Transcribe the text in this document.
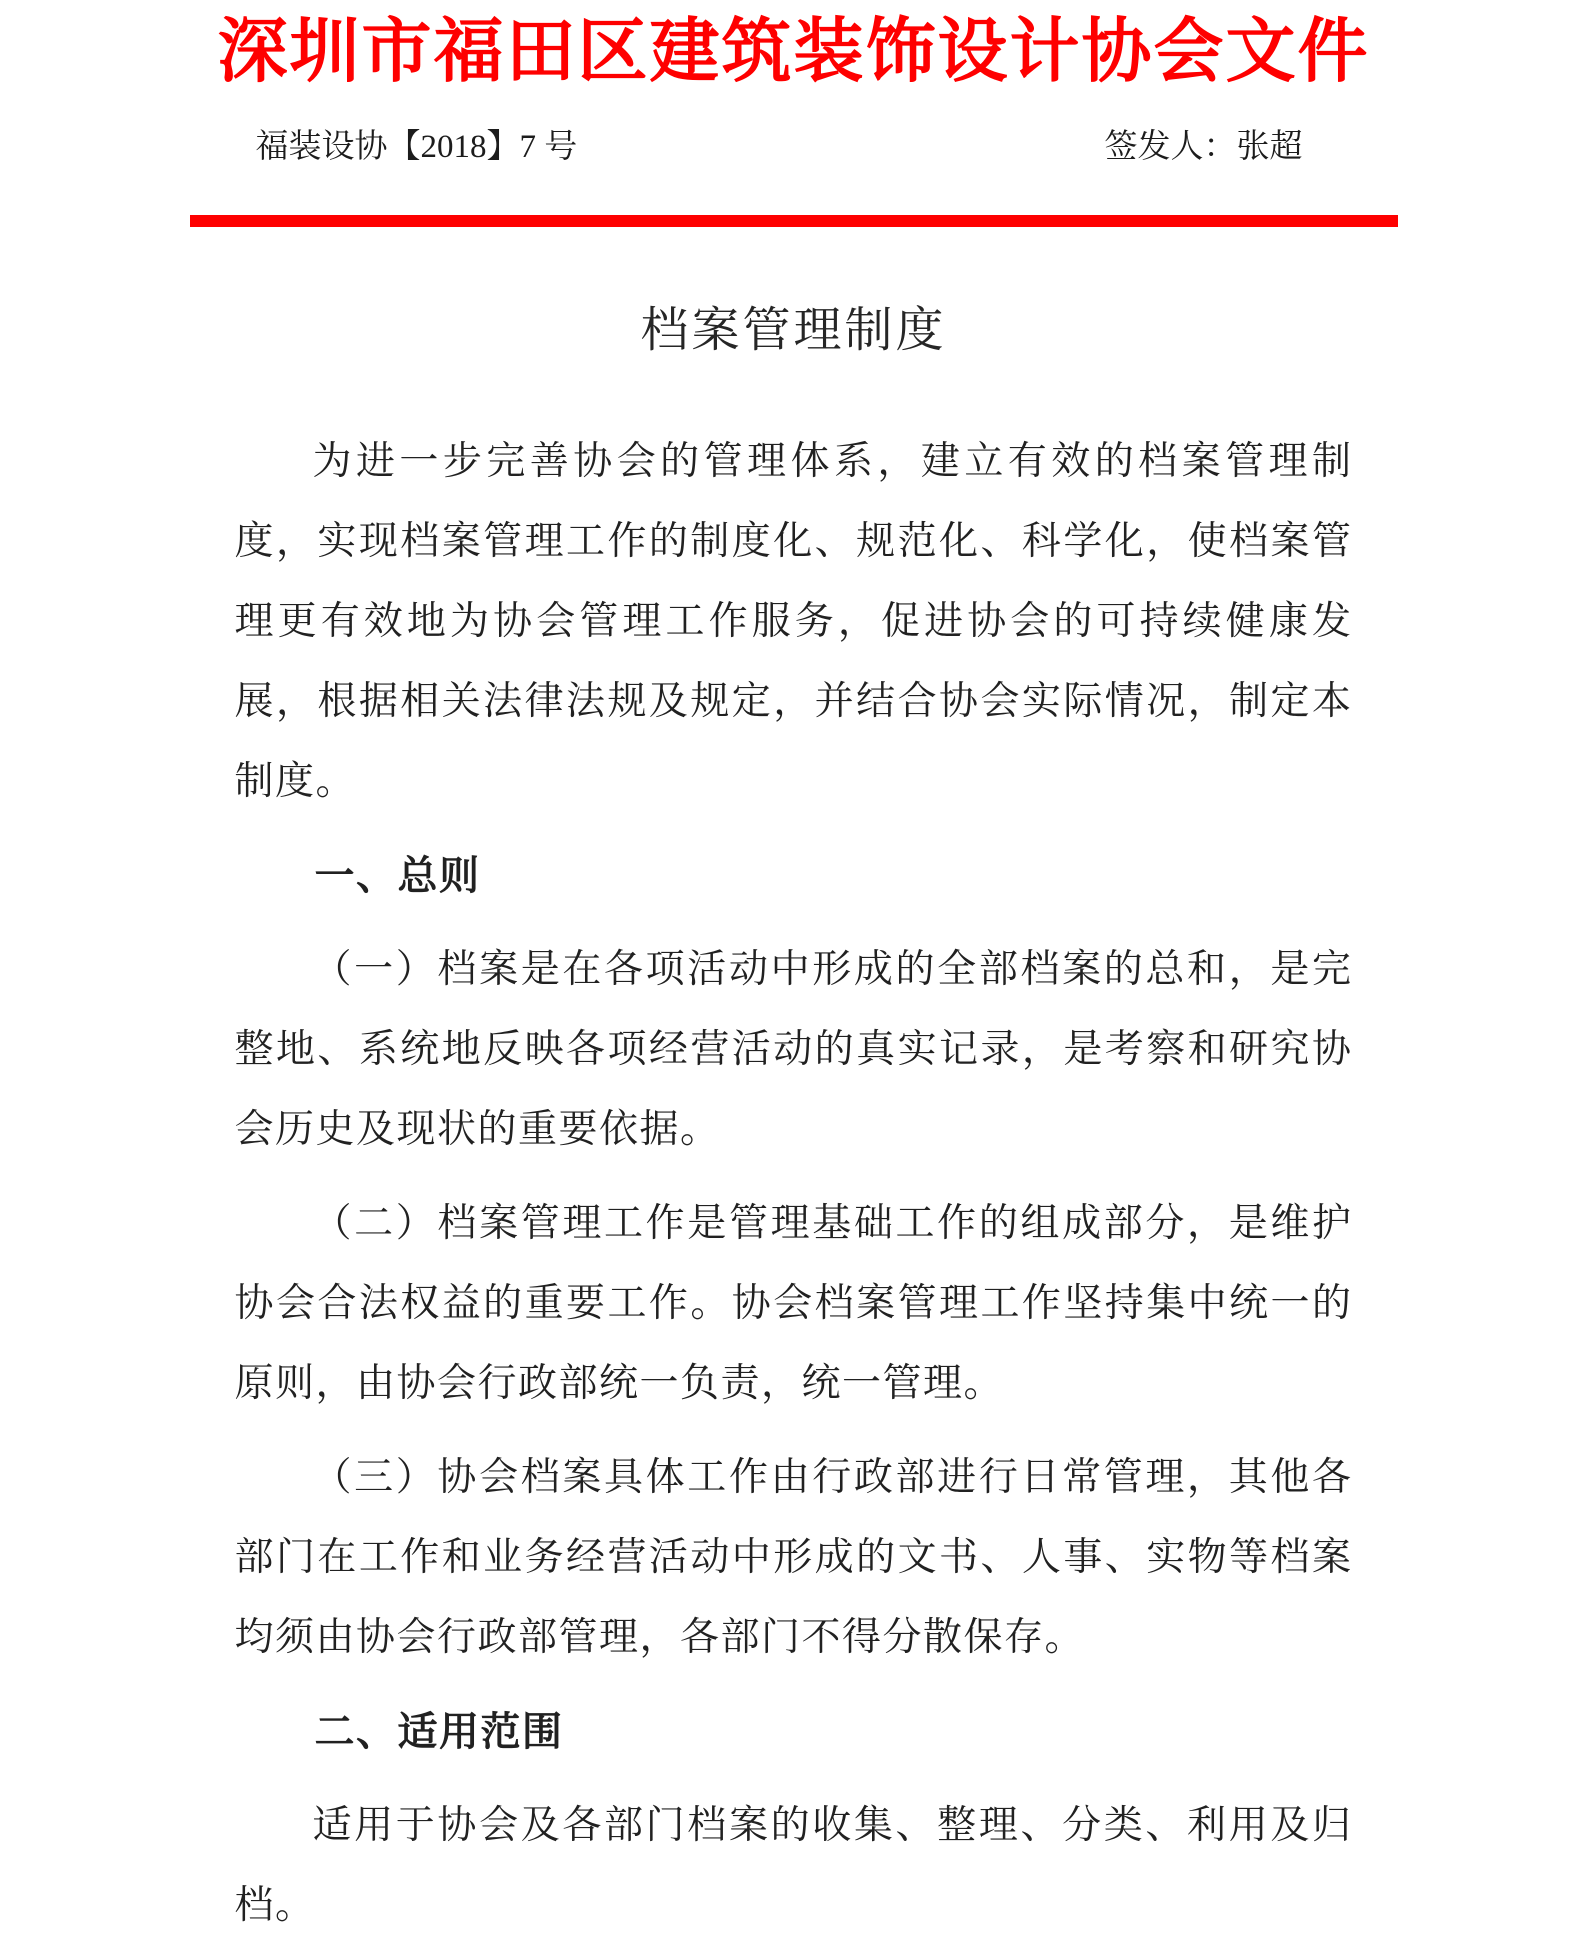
深圳市福田区建筑装饰设计协会文件
福装设协【2018】7 号	签发人：张超
档案管理制度

为进一步完善协会的管理体系，建立有效的档案管理制度，实现档案管理工作的制度化、规范化、科学化，使档案管理更有效地为协会管理工作服务，促进协会的可持续健康发展，根据相关法律法规及规定，并结合协会实际情况，制定本制度。

一、总则

（一）档案是在各项活动中形成的全部档案的总和，是完整地、系统地反映各项经营活动的真实记录，是考察和研究协会历史及现状的重要依据。

（二）档案管理工作是管理基础工作的组成部分，是维护协会合法权益的重要工作。协会档案管理工作坚持集中统一的原则，由协会行政部统一负责，统一管理。

（三）协会档案具体工作由行政部进行日常管理，其他各部门在工作和业务经营活动中形成的文书、人事、实物等档案均须由协会行政部管理，各部门不得分散保存。

二、适用范围

适用于协会及各部门档案的收集、整理、分类、利用及归档。
